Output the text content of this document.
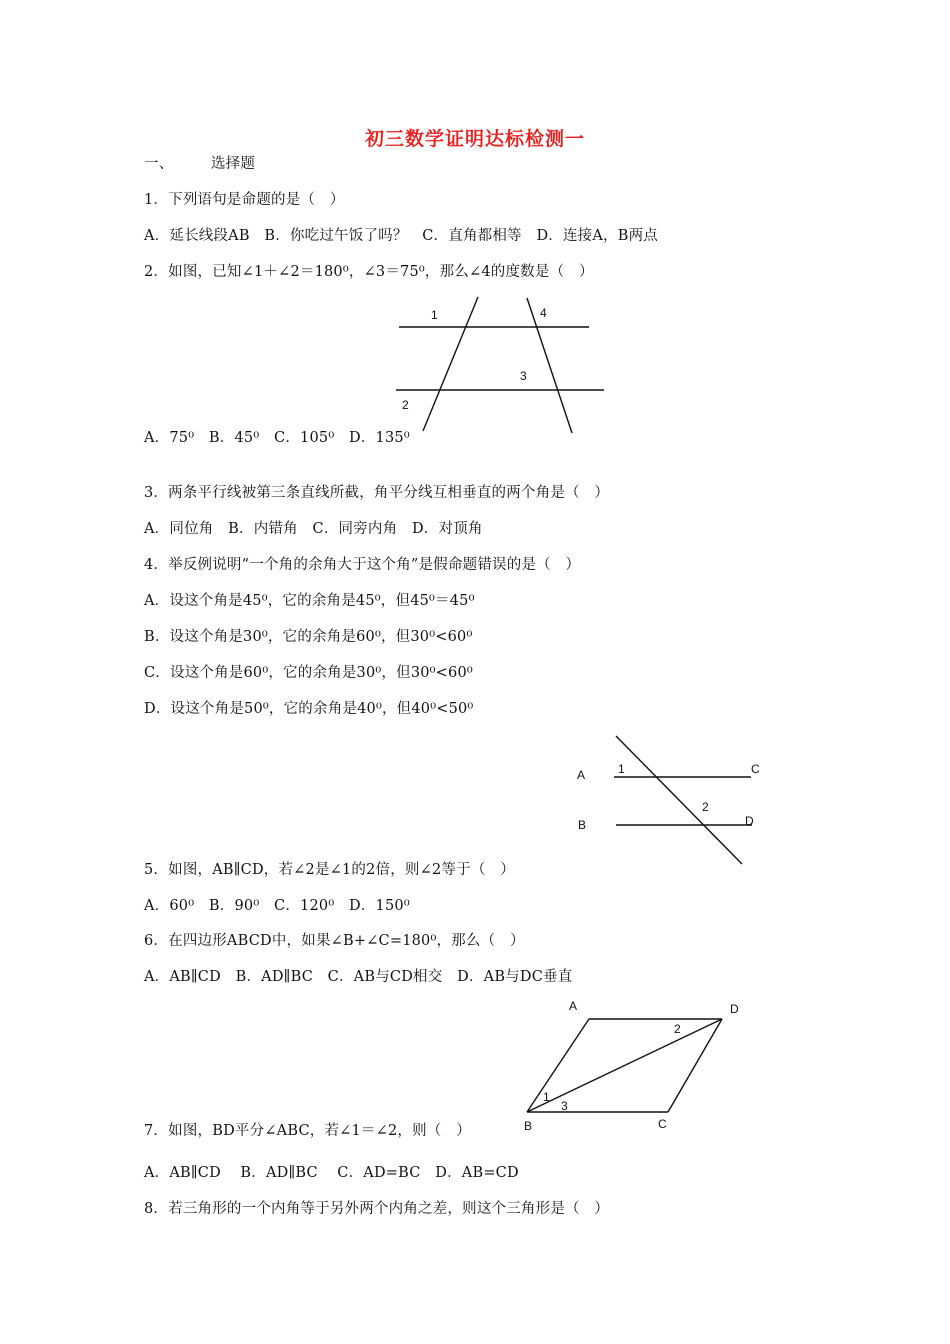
初三数学证明达标检测一
一、	选择题
1．下列语句是命题的是（　）
A．延长线段AB　B．你吃过午饭了吗？　C．直角都相等　D．连接A，B两点
2．如图，已知∠1＋∠2＝180⁰，∠3＝75⁰，那么∠4的度数是（　）
1	4
3
2
A．75⁰　B．45⁰　C．105⁰　D．135⁰
3．两条平行线被第三条直线所截，角平分线互相垂直的两个角是（　）
A．同位角　B．内错角　C．同旁内角　D．对顶角
4．举反例说明“一个角的余角大于这个角”是假命题错误的是（　）
A．设这个角是45⁰，它的余角是45⁰，但45⁰＝45⁰
B．设这个角是30⁰，它的余角是60⁰，但30⁰<60⁰
C．设这个角是60⁰，它的余角是30⁰，但30⁰<60⁰
D．设这个角是50⁰，它的余角是40⁰，但40⁰<50⁰
A	1	C
2
B	D
5．如图，AB∥CD，若∠2是∠1的2倍，则∠2等于（　）
A．60⁰　B．90⁰　C．120⁰　D．150⁰
6．在四边形ABCD中，如果∠B+∠C=180⁰，那么（　）
A．AB∥CD　B．AD∥BC　C．AB与CD相交　D．AB与DC垂直
A	D
2
1
3
B	C
7．如图，BD平分∠ABC，若∠1＝∠2，则（　）
A．AB∥CD　 B．AD∥BC　 C．AD=BC　D．AB=CD
8．若三角形的一个内角等于另外两个内角之差，则这个三角形是（　）
